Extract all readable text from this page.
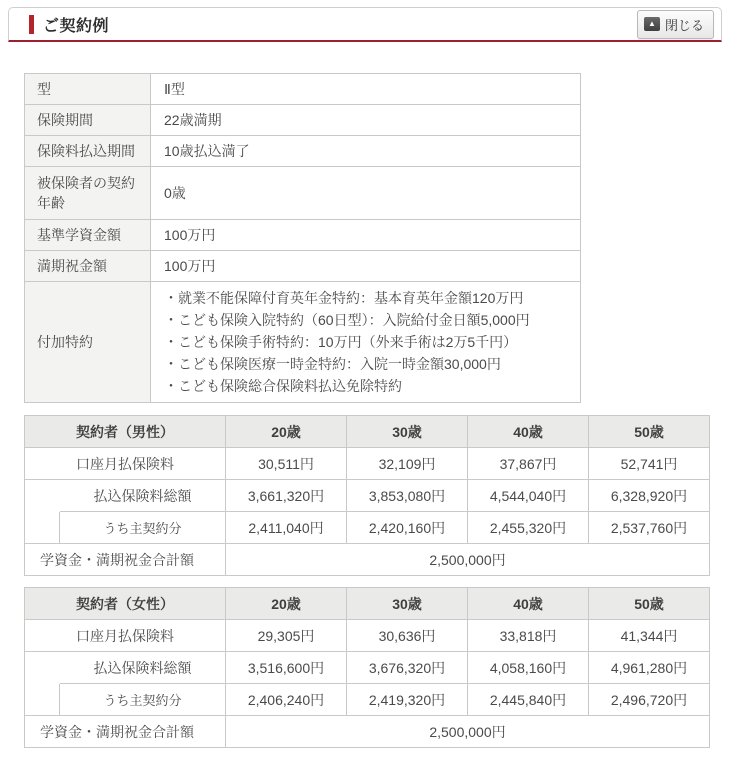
ご契約例	▲ 閉じる
型	Ⅱ型
保険期間	22歳満期
保険料払込期間	10歳払込満了
被保険者の契約年齢	0歳
基準学資金額	100万円
満期祝金額	100万円
付加特約	・就業不能保障付育英年金特約：基本育英年金額120万円
・こども保険入院特約（60日型）：入院給付金日額5,000円
・こども保険手術特約：10万円（外来手術は2万5千円）
・こども保険医療一時金特約：入院一時金額30,000円
・こども保険総合保険料払込免除特約
契約者（男性）		20歳	30歳	40歳	50歳
口座月払保険料		30,511円	32,109円	37,867円	52,741円
	払込保険料総額	3,661,320円	3,853,080円	4,544,040円	6,328,920円
	うち主契約分	2,411,040円	2,420,160円	2,455,320円	2,537,760円
学資金・満期祝金合計額		2,500,000円			
契約者（女性）		20歳	30歳	40歳	50歳
口座月払保険料		29,305円	30,636円	33,818円	41,344円
	払込保険料総額	3,516,600円	3,676,320円	4,058,160円	4,961,280円
	うち主契約分	2,406,240円	2,419,320円	2,445,840円	2,496,720円
学資金・満期祝金合計額		2,500,000円			
